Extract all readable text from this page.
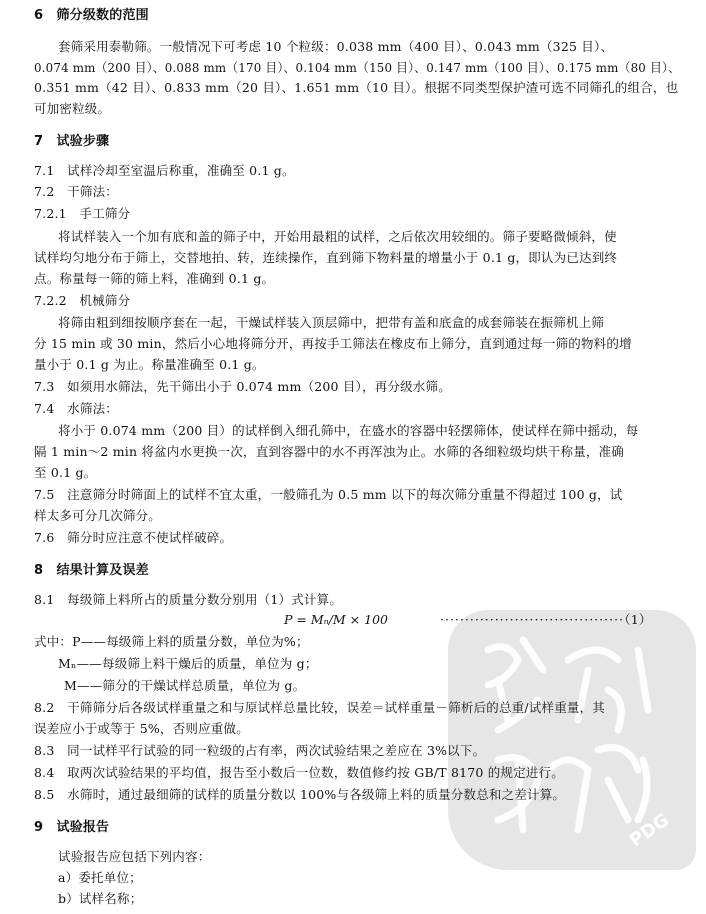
PDG
6　筛分级数的范围
套筛采用泰勒筛。一般情况下可考虑 10 个粒级：0.038 mm（400 目）、0.043 mm（325 目）、
0.074 mm（200 目）、0.088 mm（170 目）、0.104 mm（150 目）、0.147 mm（100 目）、0.175 mm（80 目）、
0.351 mm（42 目）、0.833 mm（20 目）、1.651 mm（10 目）。根据不同类型保护渣可选不同筛孔的组合，也
可加密粒级。
7　试验步骤
7.1　试样冷却至室温后称重，准确至 0.1 g。
7.2　干筛法：
7.2.1　手工筛分
将试样装入一个加有底和盖的筛子中，开始用最粗的试样，之后依次用较细的。筛子要略微倾斜，使
试样均匀地分布于筛上，交替地拍、转，连续操作，直到筛下物料量的增量小于 0.1 g，即认为已达到终
点。称量每一筛的筛上料，准确到 0.1 g。
7.2.2　机械筛分
将筛由粗到细按顺序套在一起，干燥试样装入顶层筛中，把带有盖和底盒的成套筛装在振筛机上筛
分 15 min 或 30 min，然后小心地将筛分开，再按手工筛法在橡皮布上筛分，直到通过每一筛的物料的增
量小于 0.1 g 为止。称量准确至 0.1 g。
7.3　如须用水筛法，先干筛出小于 0.074 mm（200 目），再分级水筛。
7.4　水筛法：
将小于 0.074 mm（200 目）的试样倒入细孔筛中，在盛水的容器中轻摆筛体，使试样在筛中摇动，每
隔 1 min～2 min 将盆内水更换一次，直到容器中的水不再浑浊为止。水筛的各细粒级均烘干称量，准确
至 0.1 g。
7.5　注意筛分时筛面上的试样不宜太重，一般筛孔为 0.5 mm 以下的每次筛分重量不得超过 100 g，试
样太多可分几次筛分。
7.6　筛分时应注意不使试样破碎。
8　结果计算及误差
8.1　每级筛上料所占的质量分数分别用（1）式计算。
式中：P——每级筛上料的质量分数，单位为%；
Mₙ——每级筛上料干燥后的质量，单位为 g；
M——筛分的干燥试样总质量，单位为 g。
8.2　干筛筛分后各级试样重量之和与原试样总量比较，误差＝试样重量－筛析后的总重/试样重量，其
误差应小于或等于 5%，否则应重做。
8.3　同一试样平行试验的同一粒级的占有率，两次试验结果之差应在 3%以下。
8.4　取两次试验结果的平均值，报告至小数后一位数，数值修约按 GB/T 8170 的规定进行。
8.5　水筛时，通过最细筛的试样的质量分数以 100%与各级筛上料的质量分数总和之差计算。
9　试验报告
试验报告应包括下列内容：
a）委托单位；
b）试样名称；
P = Mₙ/M × 100	·····································
（1）
